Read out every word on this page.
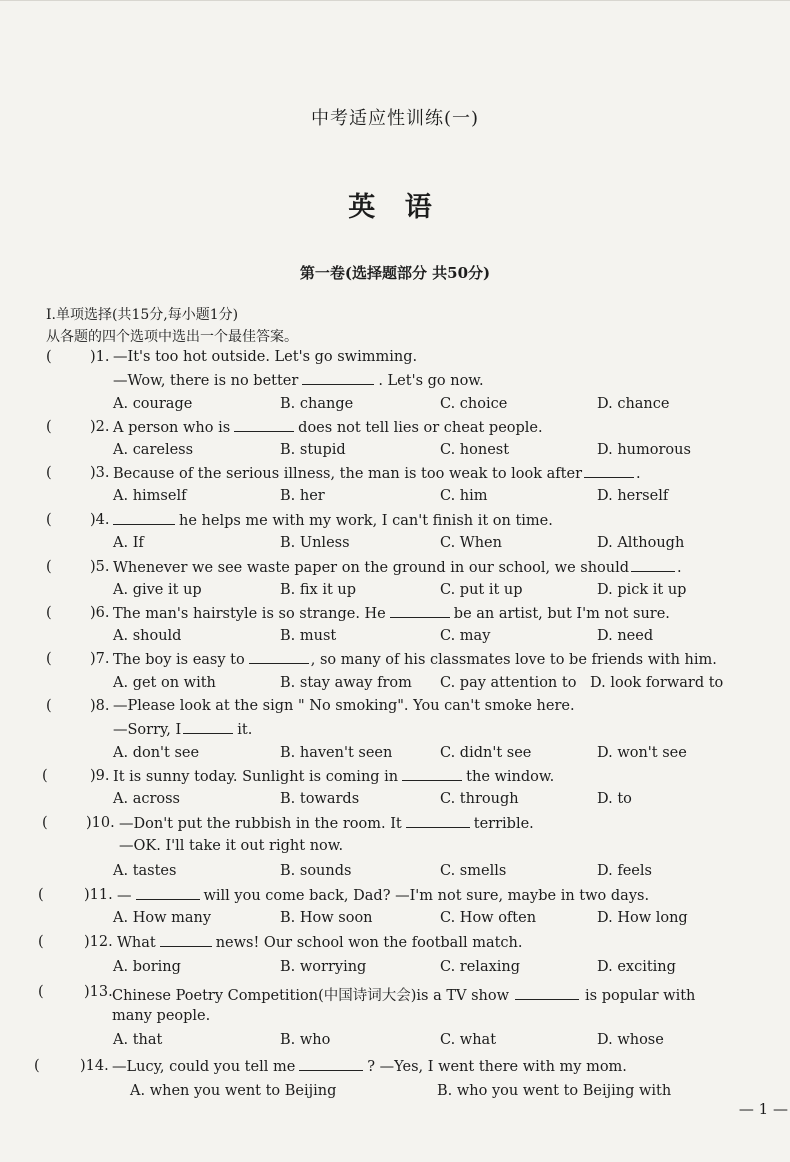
中考适应性训练(一)
英 语
第一卷(选择题部分 共50分)
Ⅰ.单项选择(共15分,每小题1分)
从各题的四个选项中选出一个最佳答案。
(	)1. —It's too hot outside. Let's go swimming.
—Wow, there is no better	. Let's go now.
A. courage	B. change	C. choice	D. chance
(	)2. A person who is	does not tell lies or cheat people.
A. careless	B. stupid	C. honest	D. humorous
(	)3. Because of the serious illness, the man is too weak to look after	.
A. himself	B. her	C. him	D. herself
(	)4.	he helps me with my work, I can't finish it on time.
A. If	B. Unless	C. When	D. Although
(	)5. Whenever we see waste paper on the ground in our school, we should	.
A. give it up	B. fix it up	C. put it up	D. pick it up
(	)6. The man's hairstyle is so strange. He	be an artist, but I'm not sure.
A. should	B. must	C. may	D. need
(	)7. The boy is easy to	, so many of his classmates love to be friends with him.
A. get on with	B. stay away from C. pay attention to D. look forward to
(	)8. —Please look at the sign " No smoking". You can't smoke here.
—Sorry, I	it.
A. don't see	B. haven't seen	C. didn't see	D. won't see
(	)9. It is sunny today. Sunlight is coming in	the window.
A. across	B. towards	C. through	D. to
(	)10. —Don't put the rubbish in the room. It	terrible.
—OK. I'll take it out right now.
A. tastes	B. sounds	C. smells	D. feels
(	)11. —	will you come back, Dad? —I'm not sure, maybe in two days.
A. How many	B. How soon	C. How often	D. How long
(	)12. What	news! Our school won the football match.
A. boring	B. worrying	C. relaxing	D. exciting
(	)13. Chinese Poetry Competition(中国诗词大会)is a TV show	is popular with
many people.
A. that	B. who	C. what	D. whose
(	)14. —Lucy, could you tell me	? —Yes, I went there with my mom.
A. when you went to Beijing	B. who you went to Beijing with
— 1 —
